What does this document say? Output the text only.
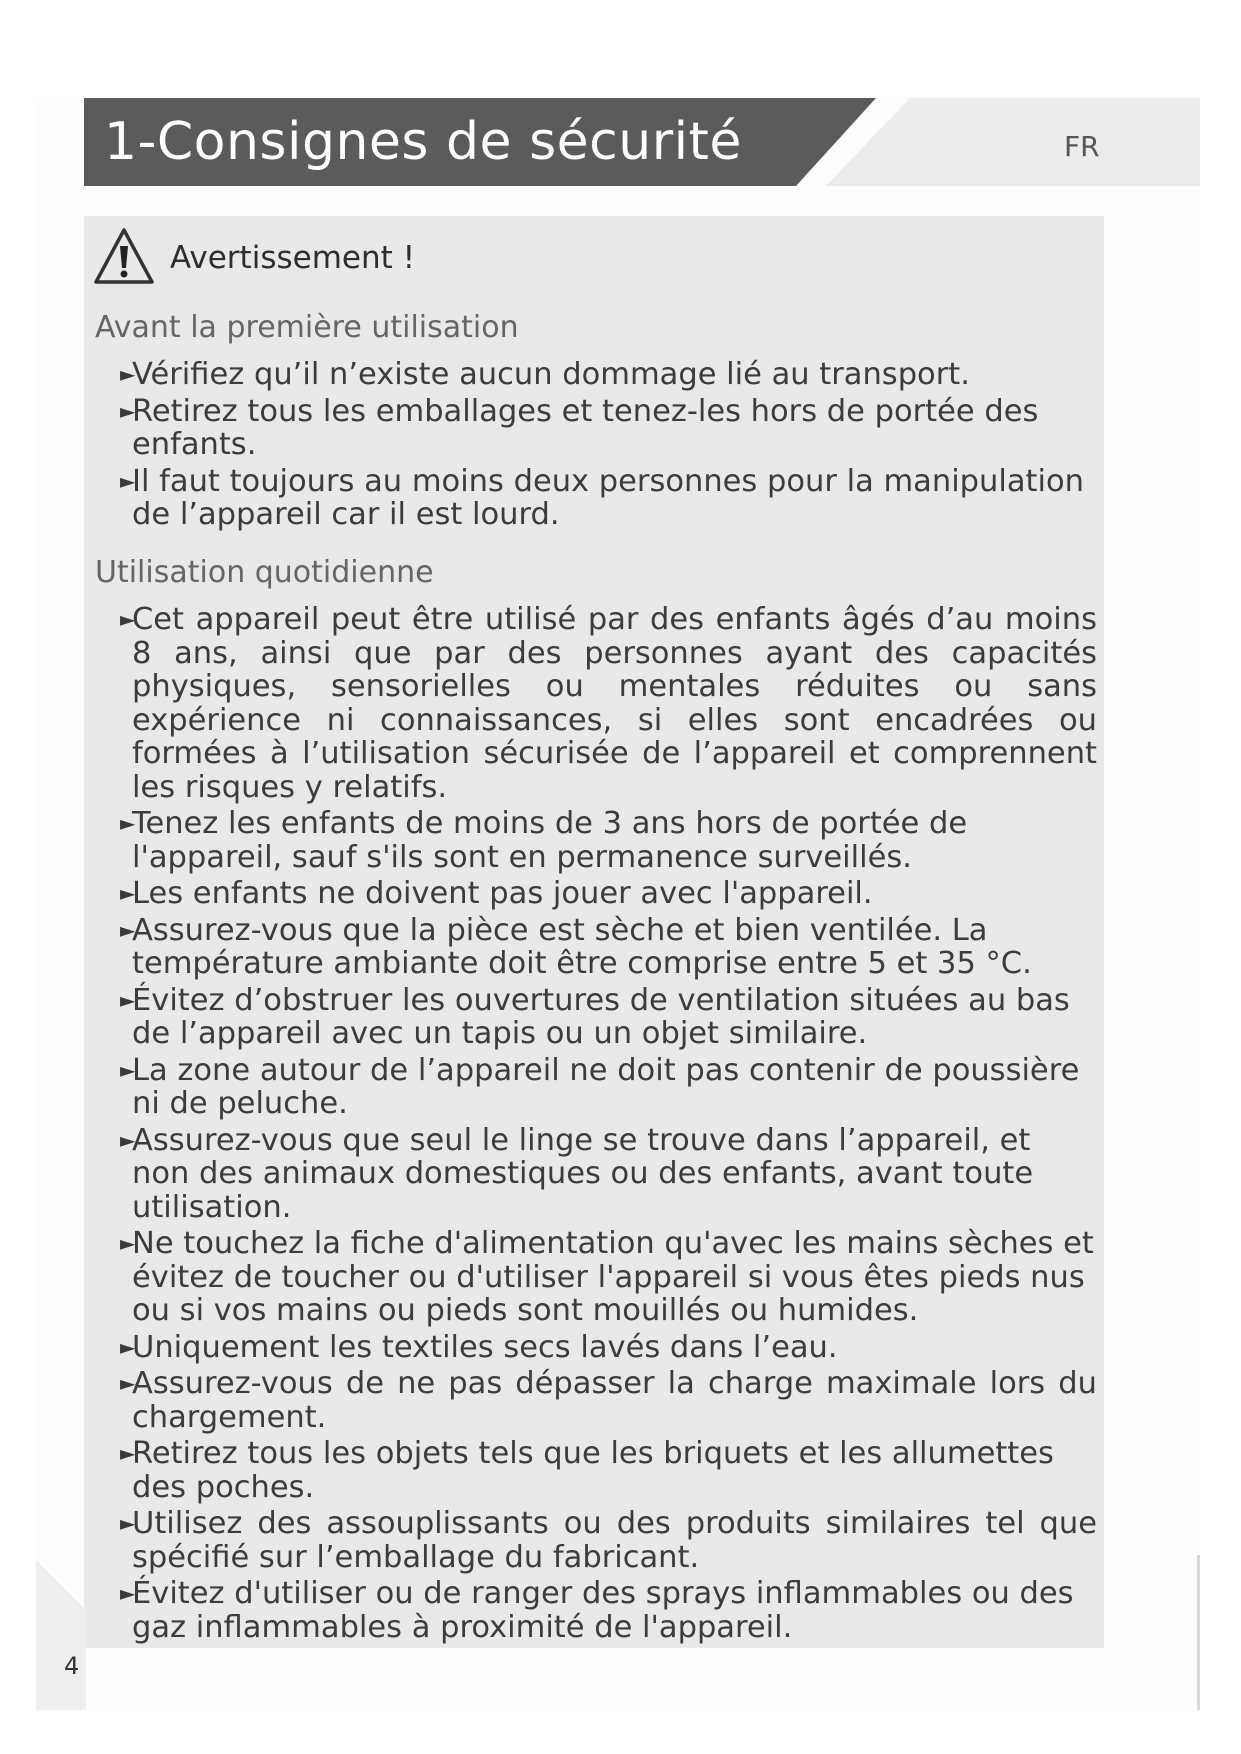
1-Consignes de sécurité	FR
Avertissement !
Avant la première utilisation
►
Vérifiez qu’il n’existe aucun dommage lié au transport.
►
Retirez tous les emballages et tenez-les hors de portée des enfants.
►
Il faut toujours au moins deux personnes pour la manipulation de l’appareil car il est lourd.
Utilisation quotidienne
►
Cet appareil peut être utilisé par des enfants âgés d’au moins 8 ans, ainsi que par des personnes ayant des capacités physiques, sensorielles ou mentales réduites ou sans expérience ni connaissances, si elles sont encadrées ou formées à l’utilisation sécurisée de l’appareil et comprennent les risques y relatifs.
►
Tenez les enfants de moins de 3 ans hors de portée de l'appareil, sauf s'ils sont en permanence surveillés.
►
Les enfants ne doivent pas jouer avec l'appareil.
►
Assurez-vous que la pièce est sèche et bien ventilée. La température ambiante doit être comprise entre 5 et 35 °C.
►
Évitez d’obstruer les ouvertures de ventilation situées au bas de l’appareil avec un tapis ou un objet similaire.
►
La zone autour de l’appareil ne doit pas contenir de poussière ni de peluche.
►
Assurez-vous que seul le linge se trouve dans l’appareil, et non des animaux domestiques ou des enfants, avant toute utilisation.
►
Ne touchez la fiche d'alimentation qu'avec les mains sèches et évitez de toucher ou d'utiliser l'appareil si vous êtes pieds nus ou si vos mains ou pieds sont mouillés ou humides.
►
Uniquement les textiles secs lavés dans l’eau.
►
Assurez-vous de ne pas dépasser la charge maximale lors du chargement.
►
Retirez tous les objets tels que les briquets et les allumettes des poches.
►
Utilisez des assouplissants ou des produits similaires tel que spécifié sur l’emballage du fabricant.
►
Évitez d'utiliser ou de ranger des sprays inflammables ou des gaz inflammables à proximité de l'appareil.
4
